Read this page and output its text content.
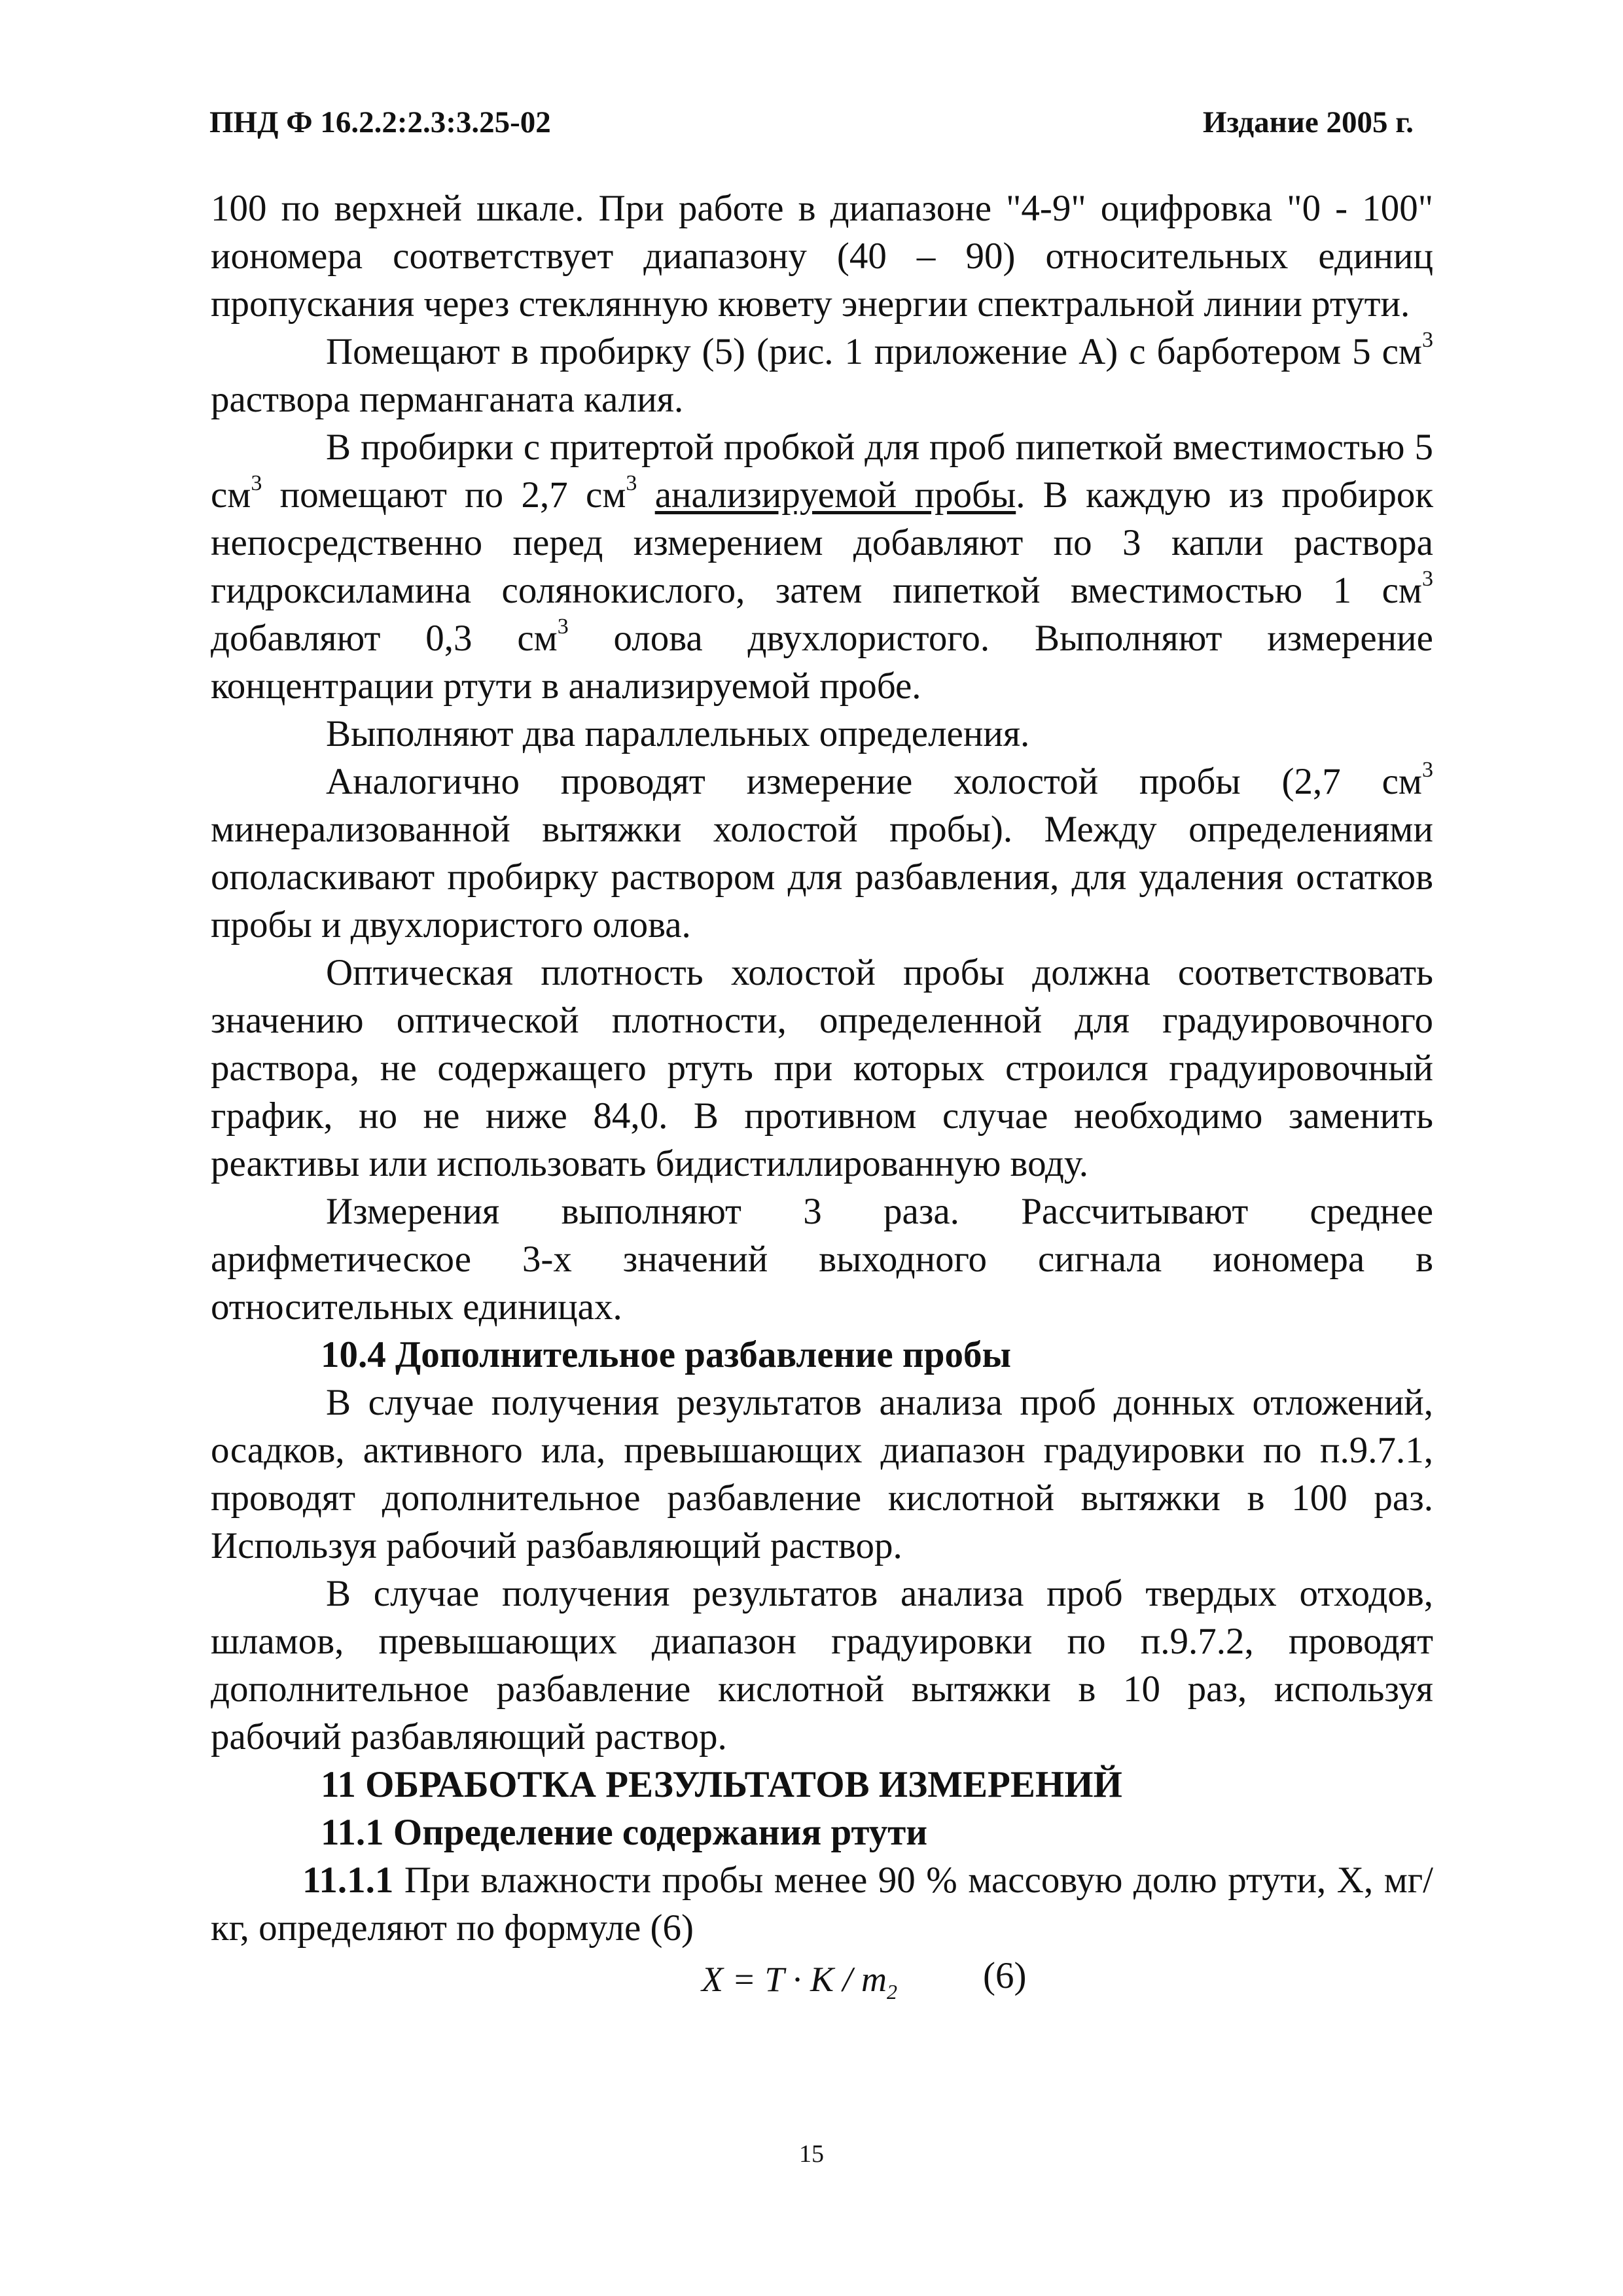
ПНД Ф 16.2.2:2.3:3.25-02	Издание 2005 г.

100 по верхней шкале. При работе в диапазоне "4-9" оцифровка "0 - 100" иономера соответствует диапазону (40 – 90) относительных единиц пропускания через стеклянную кювету энергии спектральной линии ртути.

Помещают в пробирку (5) (рис. 1 приложение А) с барботером 5 $см^3$ раствора перманганата калия.

В пробирки с притертой пробкой для проб пипеткой вместимостью 5 $см^3$ помещают по 2,7 $см^3$ анализируемой пробы. В каждую из пробирок непосредственно перед измерением добавляют по 3 капли раствора гидроксиламина солянокислого, затем пипеткой вместимостью 1 $см^3$ добавляют 0,3 $см^3$ олова двухлористого. Выполняют измерение концентрации ртути в анализируемой пробе.

Выполняют два параллельных определения.

Аналогично проводят измерение холостой пробы (2,7 $см^3$ минерализованной вытяжки холостой пробы). Между определениями ополаскивают пробирку раствором для разбавления, для удаления остатков пробы и двухлористого олова.

Оптическая плотность холостой пробы должна соответствовать значению оптической плотности, определенной для градуировочного раствора, не содержащего ртуть при которых строился градуировочный график, но не ниже 84,0. В противном случае необходимо заменить реактивы или использовать бидистиллированную воду.

Измерения выполняют 3 раза. Рассчитывают среднее арифметическое 3-х значений выходного сигнала иономера в относительных единицах.

10.4 Дополнительное разбавление пробы

В случае получения результатов анализа проб донных отложений, осадков, активного ила, превышающих диапазон градуировки по п.9.7.1, проводят дополнительное разбавление кислотной вытяжки в 100 раз. Используя рабочий разбавляющий раствор.

В случае получения результатов анализа проб твердых отходов, шламов, превышающих диапазон градуировки по п.9.7.2, проводят дополнительное разбавление кислотной вытяжки в 10 раз, используя рабочий разбавляющий раствор.

11 ОБРАБОТКА РЕЗУЛЬТАТОВ ИЗМЕРЕНИЙ

11.1 Определение содержания ртути

11.1.1 При влажности пробы менее 90 % массовую долю ртути, X, мг/кг, определяют по формуле (6)

$X = T \cdot K / m_2$ (6)
15
